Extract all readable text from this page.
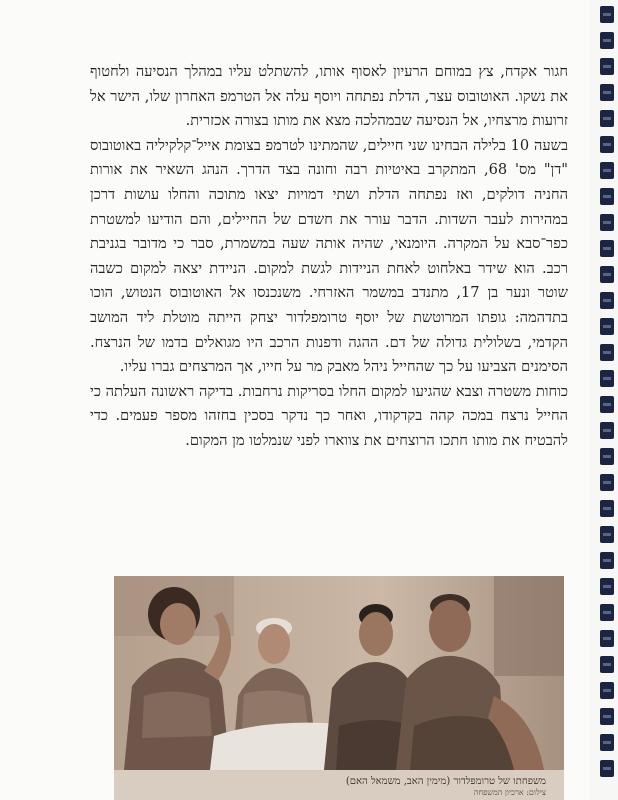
חגור אקדח, צץ במוחם הרעיון לאסוף אותו, להשתלט עליו במהלך הנסיעה ולחטוף את נשקו. האוטובוס עצר, הדלת נפתחה ויוסף עלה אל הטרמפ האחרון שלו, הישר אל זרועות מרצחיו, אל הנסיעה שבמהלכה מצא את מותו בצורה אכזרית.

בשעה 10 בלילה הבחינו שני חיילים, שהמתינו לטרמפ בצומת אייל־קלקיליה באוטובוס "דן" מס' 68, המתקרב באיטיות רבה וחונה בצד הדרך. הנהג השאיר את אורות החניה דולקים, ואז נפתחה הדלת ושתי דמויות יצאו מתוכה והחלו עושות דרכן במהירות לעבר השדות. הדבר עורר את חשדם של החיילים, והם הודיעו למשטרת כפר־סבא על המקרה. היומנאי, שהיה אותה שעה במשמרת, סבר כי מדובר בגניבת רכב. הוא שידר באלחוט לאחת הניידות לגשת למקום. הניידת יצאה למקום כשבה שוטר ונער בן 17, מתנדב במשמר האזרחי. משנכנסו אל האוטובוס הנטוש, הוכו בתדהמה: גופתו המרוטשת של יוסף טרומפלדור יצחק הייתה מוטלת ליד המושב הקדמי, בשלולית גדולה של דם. ההגה ודפנות הרכב היו מגואלים בדמו של הנרצח. הסימנים הצביעו על כך שהחייל ניהל מאבק מר על חייו, אך המרצחים גברו עליו.

כוחות משטרה וצבא שהגיעו למקום החלו בסריקות נרחבות. בדיקה ראשונה העלתה כי החייל נרצח במכה קהה בקדקודו, ואחר כך נדקר בסכין בחזהו מספר פעמים. כדי להבטיח את מותו חתכו הרוצחים את צווארו לפני שנמלטו מן המקום.

משפחתו של טרומפלדור (מימין האב, משמאל האם)
צילום: ארכיון המשפחה
